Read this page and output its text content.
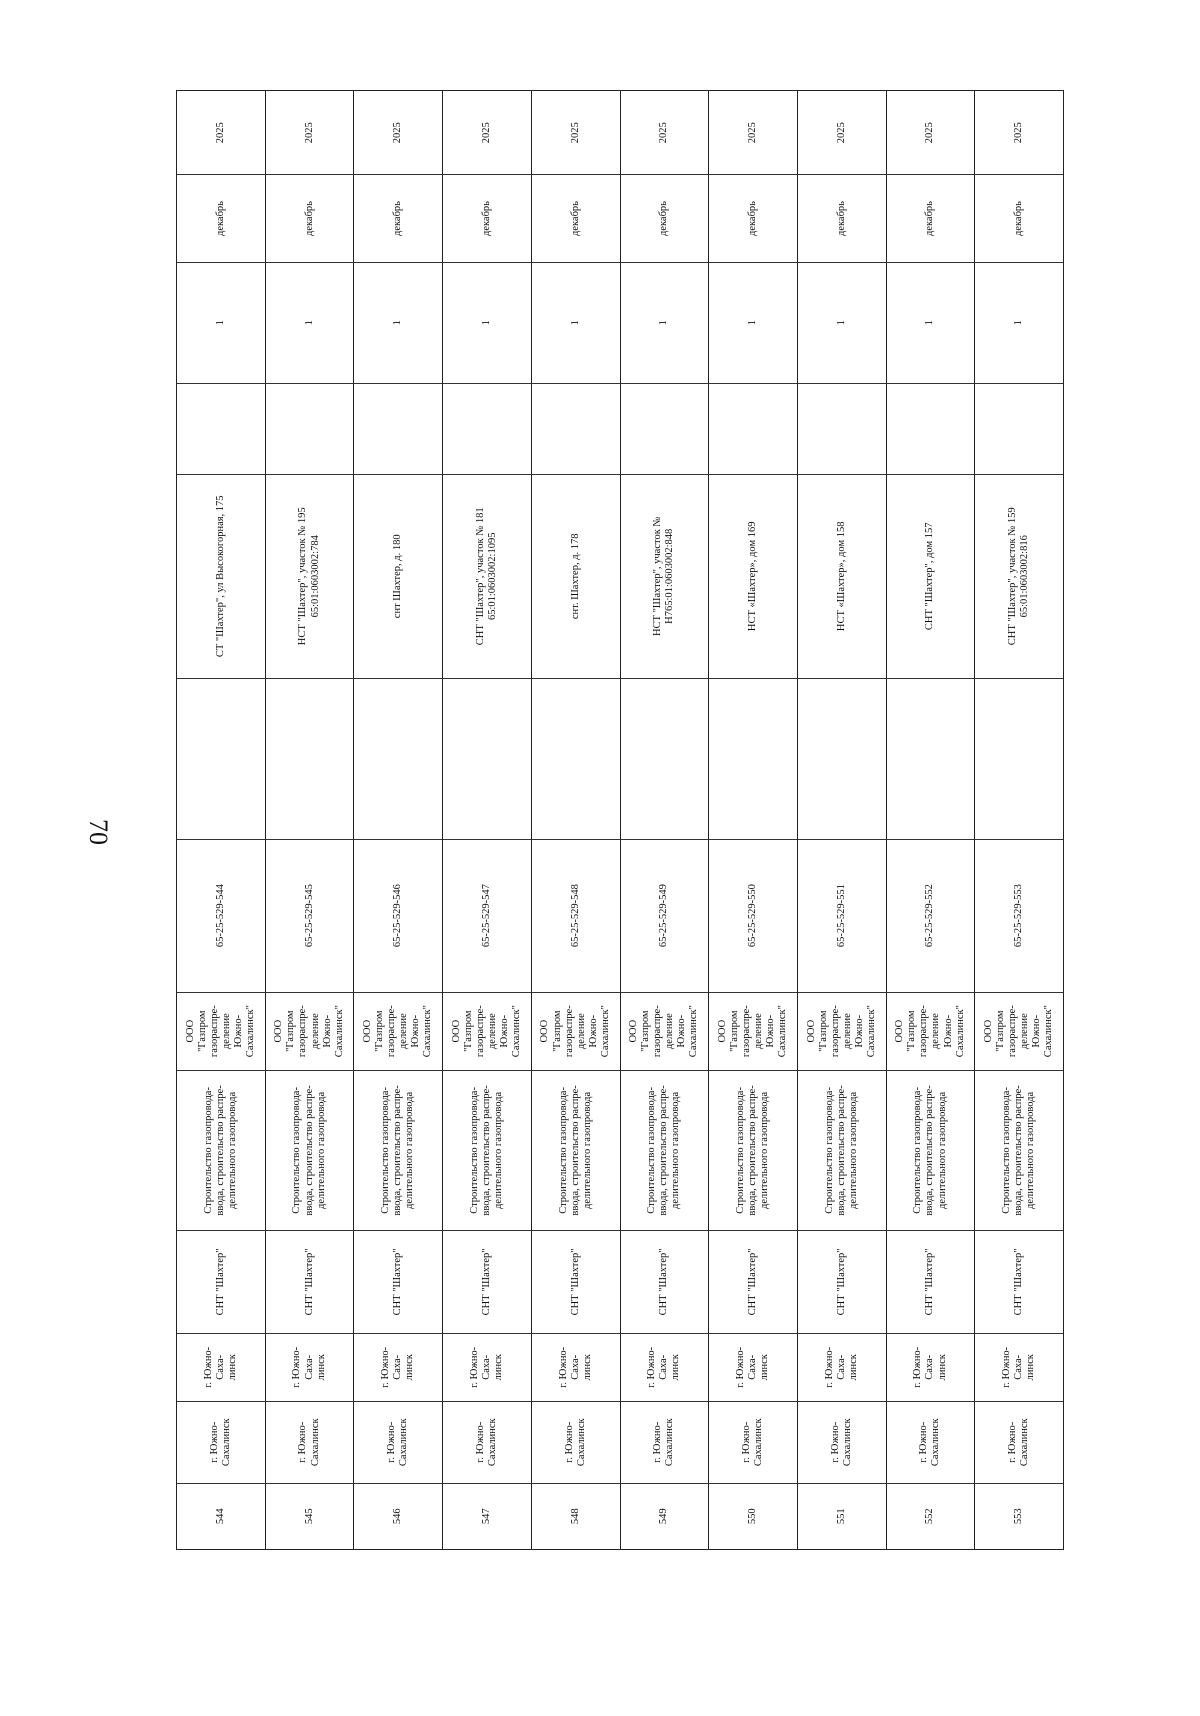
70
544
г. Южно-
Сахалинск
г. Южно-
Саха-
линск
СНТ "Шахтер"
Строительство газопровода-
ввода, строительство распре-
делительного газопровода
ООО
"Газпром
газораспре-
деление
Южно-
Сахалинск"
65-25-529-544
СТ "Шахтер", ул Высокогорная, 175
1
декабрь
2025
545
г. Южно-
Сахалинск
г. Южно-
Саха-
линск
СНТ "Шахтер"
Строительство газопровода-
ввода, строительство распре-
делительного газопровода
ООО
"Газпром
газораспре-
деление
Южно-
Сахалинск"
65-25-529-545
НСТ "Шахтер", участок № 195
65:01:0603002:784
1
декабрь
2025
546
г. Южно-
Сахалинск
г. Южно-
Саха-
линск
СНТ "Шахтер"
Строительство газопровода-
ввода, строительство распре-
делительного газопровода
ООО
"Газпром
газораспре-
деление
Южно-
Сахалинск"
65-25-529-546
снт Шахтер, д. 180
1
декабрь
2025
547
г. Южно-
Сахалинск
г. Южно-
Саха-
линск
СНТ "Шахтер"
Строительство газопровода-
ввода, строительство распре-
делительного газопровода
ООО
"Газпром
газораспре-
деление
Южно-
Сахалинск"
65-25-529-547
СНТ "Шахтер", участок № 181
65:01:0603002:1095
1
декабрь
2025
548
г. Южно-
Сахалинск
г. Южно-
Саха-
линск
СНТ "Шахтер"
Строительство газопровода-
ввода, строительство распре-
делительного газопровода
ООО
"Газпром
газораспре-
деление
Южно-
Сахалинск"
65-25-529-548
снт. Шахтер, д. 178
1
декабрь
2025
549
г. Южно-
Сахалинск
г. Южно-
Саха-
линск
СНТ "Шахтер"
Строительство газопровода-
ввода, строительство распре-
делительного газопровода
ООО
"Газпром
газораспре-
деление
Южно-
Сахалинск"
65-25-529-549
НСТ "Шахтер", участок №
Н765:01:0603002:848
1
декабрь
2025
550
г. Южно-
Сахалинск
г. Южно-
Саха-
линск
СНТ "Шахтер"
Строительство газопровода-
ввода, строительство распре-
делительного газопровода
ООО
"Газпром
газораспре-
деление
Южно-
Сахалинск"
65-25-529-550
НСТ «Шахтер», дом 169
1
декабрь
2025
551
г. Южно-
Сахалинск
г. Южно-
Саха-
линск
СНТ "Шахтер"
Строительство газопровода-
ввода, строительство распре-
делительного газопровода
ООО
"Газпром
газораспре-
деление
Южно-
Сахалинск"
65-25-529-551
НСТ «Шахтер», дом 158
1
декабрь
2025
552
г. Южно-
Сахалинск
г. Южно-
Саха-
линск
СНТ "Шахтер"
Строительство газопровода-
ввода, строительство распре-
делительного газопровода
ООО
"Газпром
газораспре-
деление
Южно-
Сахалинск"
65-25-529-552
СНТ "Шахтер", дом 157
1
декабрь
2025
553
г. Южно-
Сахалинск
г. Южно-
Саха-
линск
СНТ "Шахтер"
Строительство газопровода-
ввода, строительство распре-
делительного газопровода
ООО
"Газпром
газораспре-
деление
Южно-
Сахалинск"
65-25-529-553
СНТ "Шахтер", участок № 159
65:01:0603002:816
1
декабрь
2025
